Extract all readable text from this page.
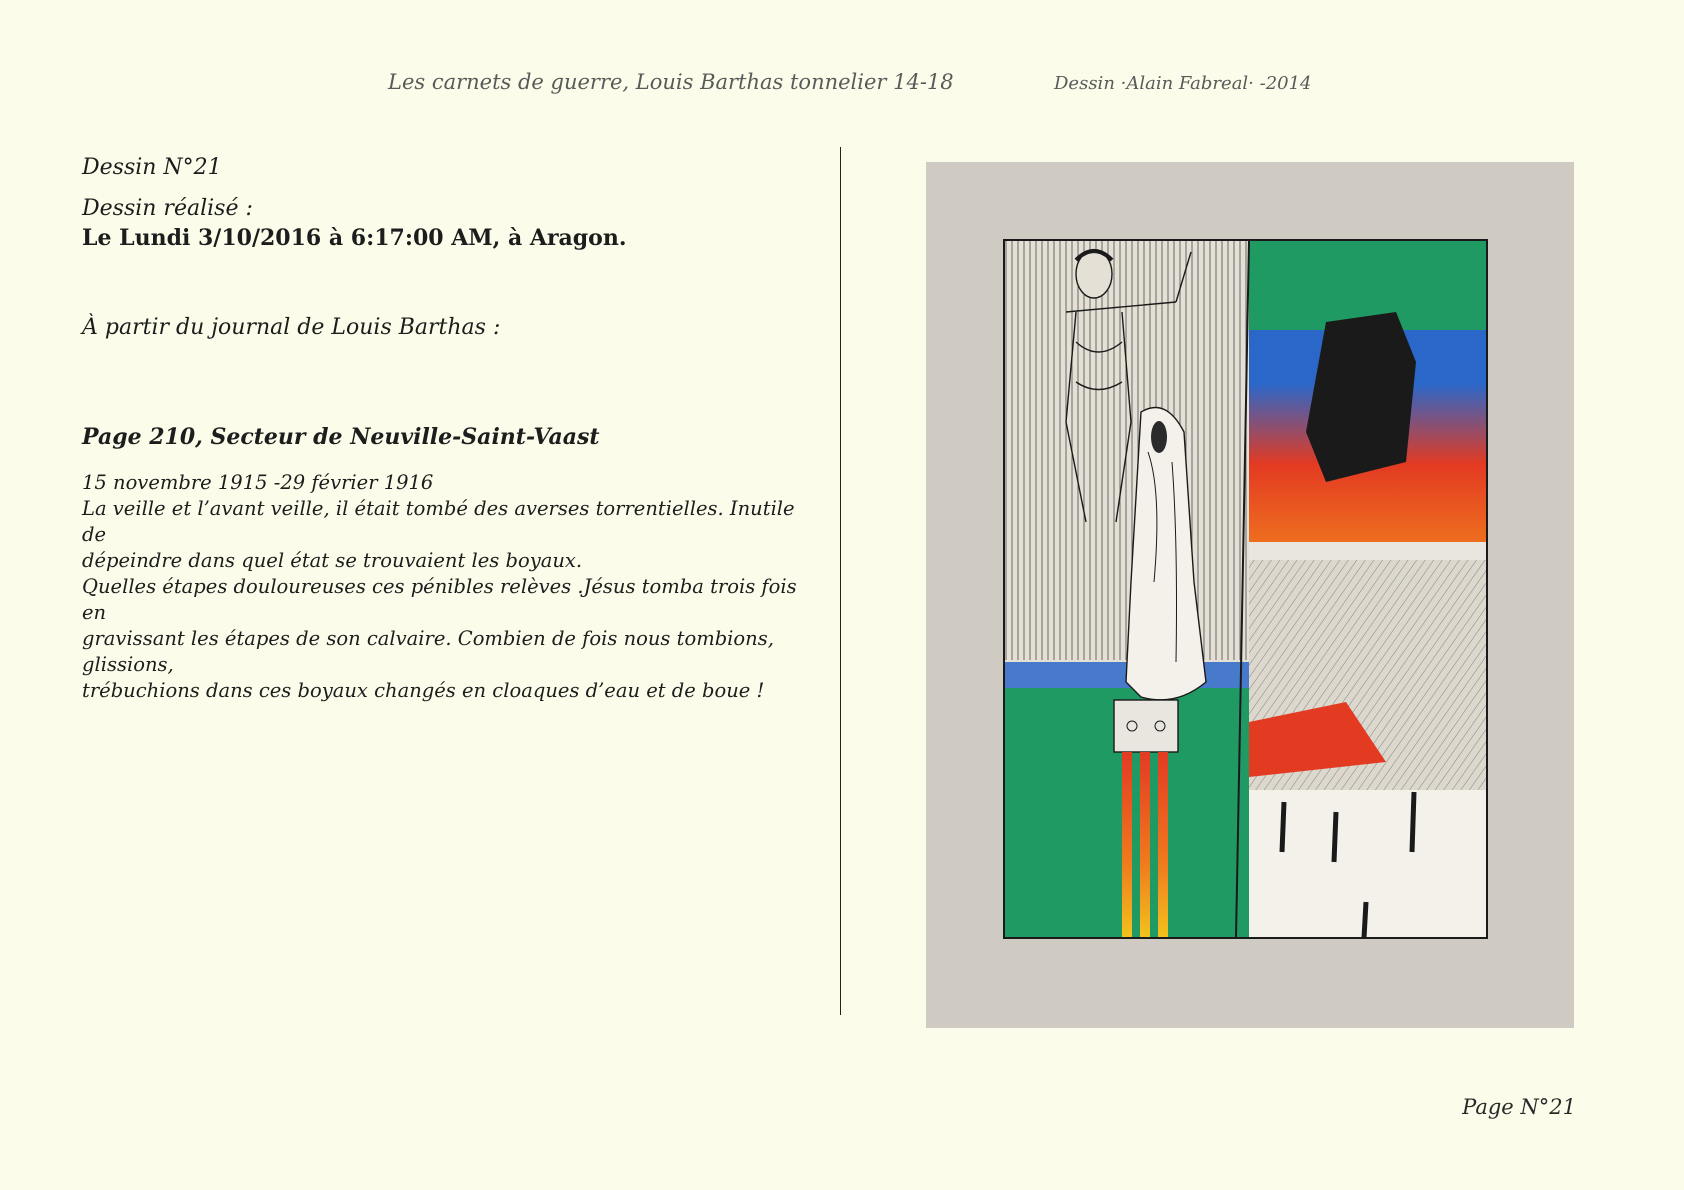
Les carnets de guerre, Louis Barthas tonnelier 14-18	Dessin ·Alain Fabreal· -2014

Dessin N°21

Dessin réalisé :

Le Lundi 3/10/2016 à 6:17:00 AM, à Aragon.

À partir du journal de Louis Barthas :

Page 210, Secteur de Neuville-Saint-Vaast

15 novembre 1915 -29 février 1916

La veille et l’avant veille, il était tombé des averses torrentielles. Inutile de

dépeindre dans quel état se trouvaient les boyaux.

Quelles étapes douloureuses ces pénibles relèves .Jésus tomba trois fois en

gravissant les étapes de son calvaire. Combien de fois nous tombions, glissions,

trébuchions dans ces boyaux changés en cloaques d’eau et de boue !

Page N°21
